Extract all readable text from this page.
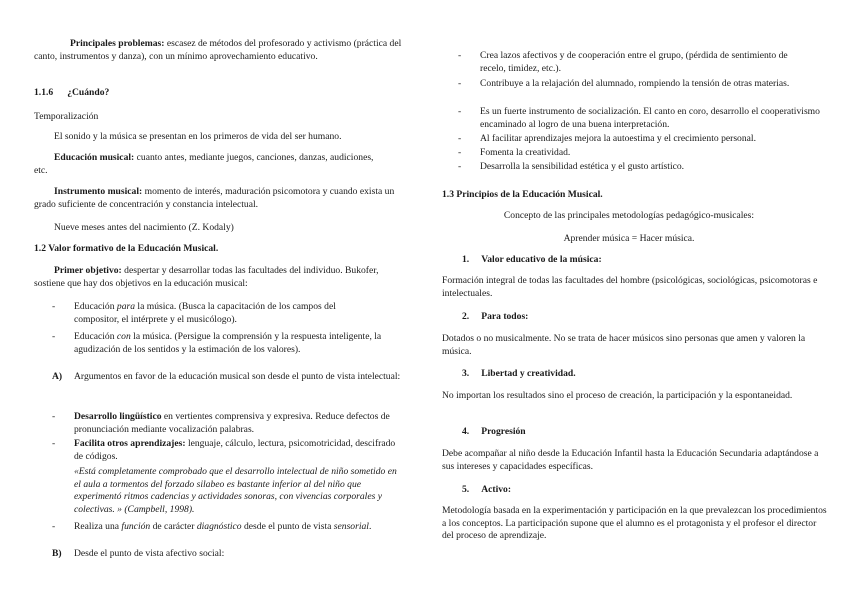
Principales problemas: escasez de métodos del profesorado y activismo (práctica del canto, instrumentos y danza), con un mínimo aprovechamiento educativo.

1.1.6 ¿Cuándo?

Temporalización

El sonido y la música se presentan en los primeros de vida del ser humano.

Educación musical: cuanto antes, mediante juegos, canciones, danzas, audiciones, etc.

Instrumento musical: momento de interés, maduración psicomotora y cuando exista un grado suficiente de concentración y constancia intelectual.

Nueve meses antes del nacimiento (Z. Kodaly)

1.2 Valor formativo de la Educación Musical.

Primer objetivo: despertar y desarrollar todas las facultades del individuo. Bukofer, sostiene que hay dos objetivos en la educación musical:

- Educación para la música. (Busca la capacitación de los campos del compositor, el intérprete y el musicólogo).

- Educación con la música. (Persigue la comprensión y la respuesta inteligente, la agudización de los sentidos y la estimación de los valores).

A) Argumentos en favor de la educación musical son desde el punto de vista intelectual:

- Desarrollo lingüístico en vertientes comprensiva y expresiva. Reduce defectos de pronunciación mediante vocalización palabras.

- Facilita otros aprendizajes: lenguaje, cálculo, lectura, psicomotricidad, descifrado de códigos.

«Está completamente comprobado que el desarrollo intelectual de niño sometido en el aula a tormentos del forzado silabeo es bastante inferior al del niño que experimentó ritmos cadencias y actividades sonoras, con vivencias corporales y colectivas. » (Campbell, 1998).

- Realiza una función de carácter diagnóstico desde el punto de vista sensorial.

B) Desde el punto de vista afectivo social:

- Crea lazos afectivos y de cooperación entre el grupo, (pérdida de sentimiento de recelo, timidez, etc.).

- Contribuye a la relajación del alumnado, rompiendo la tensión de otras materias.

- Es un fuerte instrumento de socialización. El canto en coro, desarrollo el cooperativismo encaminado al logro de una buena interpretación.

- Al facilitar aprendizajes mejora la autoestima y el crecimiento personal.

- Fomenta la creatividad.

- Desarrolla la sensibilidad estética y el gusto artístico.

1.3 Principios de la Educación Musical.

Concepto de las principales metodologías pedagógico-musicales:

Aprender música = Hacer música.

1. Valor educativo de la música:

Formación integral de todas las facultades del hombre (psicológicas, sociológicas, psicomotoras e intelectuales.

2. Para todos:

Dotados o no musicalmente. No se trata de hacer músicos sino personas que amen y valoren la música.

3. Libertad y creatividad.

No importan los resultados sino el proceso de creación, la participación y la espontaneidad.

4. Progresión

Debe acompañar al niño desde la Educación Infantil hasta la Educación Secundaria adaptándose a sus intereses y capacidades específicas.

5. Activo:

Metodología basada en la experimentación y participación en la que prevalezcan los procedimientos a los conceptos. La participación supone que el alumno es el protagonista y el profesor el director del proceso de aprendizaje.
